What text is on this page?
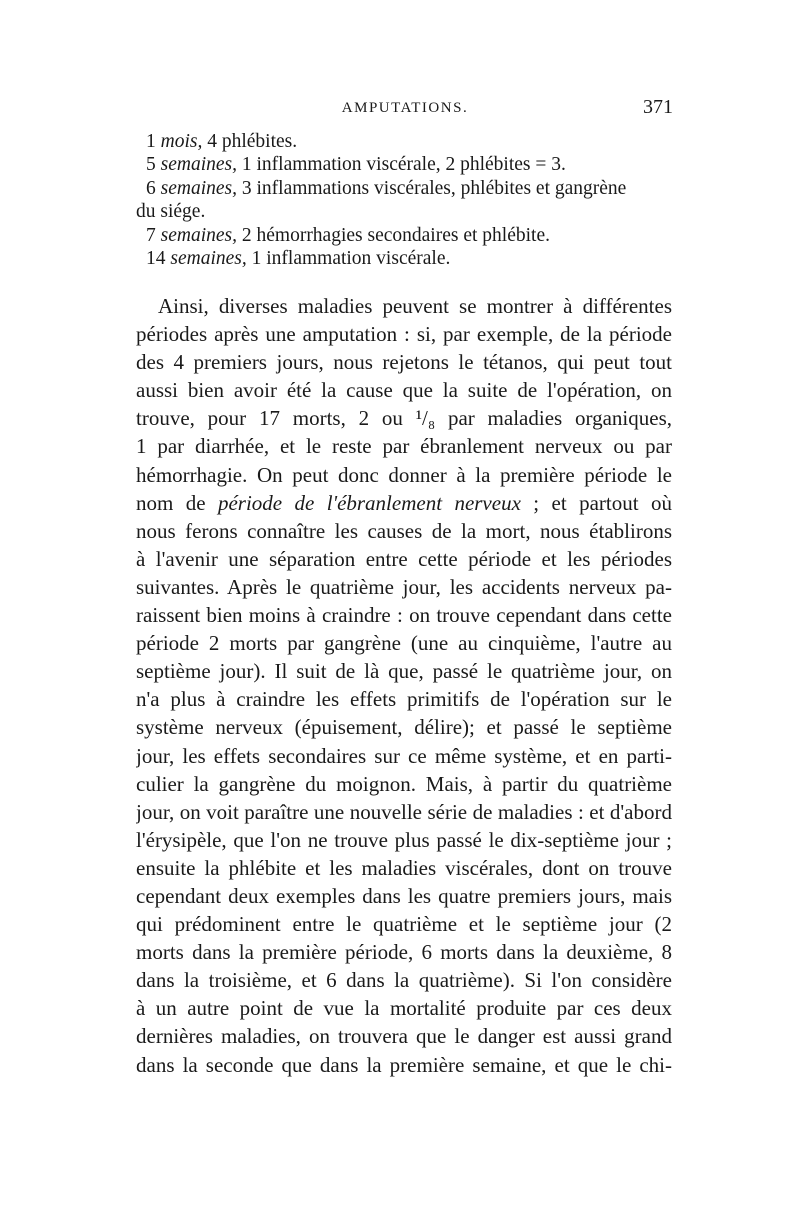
AMPUTATIONS.	371
1 mois, 4 phlébites.
5 semaines, 1 inflammation viscérale, 2 phlébites = 3.
6 semaines, 3 inflammations viscérales, phlébites et gangrène
du siége.
7 semaines, 2 hémorrhagies secondaires et phlébite.
14 semaines, 1 inflammation viscérale.
Ainsi, diverses maladies peuvent se montrer à différentes
périodes après une amputation : si, par exemple, de la période
des 4 premiers jours, nous rejetons le tétanos, qui peut tout
aussi bien avoir été la cause que la suite de l'opération, on
trouve, pour 17 morts, 2 ou ¹/₈ par maladies organiques,
1 par diarrhée, et le reste par ébranlement nerveux ou par
hémorrhagie. On peut donc donner à la première période le
nom de période de l'ébranlement nerveux ; et partout où
nous ferons connaître les causes de la mort, nous établirons
à l'avenir une séparation entre cette période et les périodes
suivantes. Après le quatrième jour, les accidents nerveux pa-
raissent bien moins à craindre : on trouve cependant dans cette
période 2 morts par gangrène (une au cinquième, l'autre au
septième jour). Il suit de là que, passé le quatrième jour, on
n'a plus à craindre les effets primitifs de l'opération sur le
système nerveux (épuisement, délire); et passé le septième
jour, les effets secondaires sur ce même système, et en parti-
culier la gangrène du moignon. Mais, à partir du quatrième
jour, on voit paraître une nouvelle série de maladies : et d'abord
l'érysipèle, que l'on ne trouve plus passé le dix-septième jour ;
ensuite la phlébite et les maladies viscérales, dont on trouve
cependant deux exemples dans les quatre premiers jours, mais
qui prédominent entre le quatrième et le septième jour (2
morts dans la première période, 6 morts dans la deuxième, 8
dans la troisième, et 6 dans la quatrième). Si l'on considère
à un autre point de vue la mortalité produite par ces deux
dernières maladies, on trouvera que le danger est aussi grand
dans la seconde que dans la première semaine, et que le chi-
